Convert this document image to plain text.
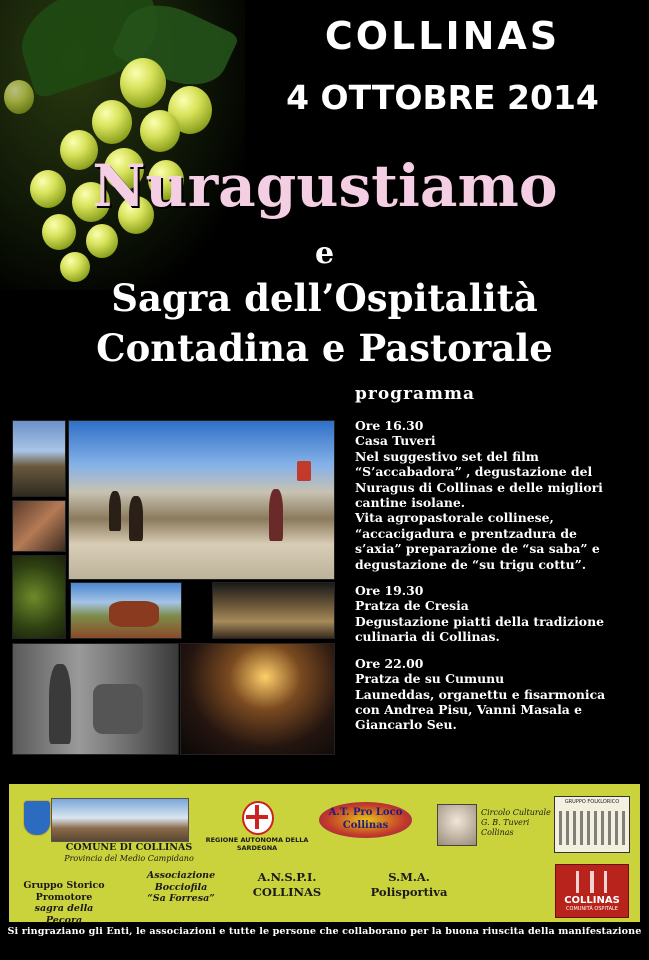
COLLINAS
4 OTTOBRE 2014
Nuragustiamo
e
Sagra dell’Ospitalità
Contadina e Pastorale
programma
Ore 16.30
Casa Tuveri
Nel suggestivo set del film
“S’accabadora” , degustazione del
Nuragus di Collinas e delle migliori
cantine isolane.
Vita agropastorale collinese,
“accacigadura e prentzadura de
s’axia” preparazione de “sa saba” e
degustazione de “su trigu cottu”.
Ore 19.30
Pratza de Cresia
Degustazione piatti della tradizione
culinaria di Collinas.
Ore 22.00
Pratza de su Cumunu
Launeddas, organettu e fisarmonica
con Andrea Pisu, Vanni Masala e
Giancarlo Seu.
COMUNE DI COLLINAS
Provincia del Medio Campidano
REGIONE AUTONOMA DELLA SARDEGNA
A.T. Pro Loco
Collinas
Circolo Culturale
G. B. Tuveri
Collinas
GRUPPO FOLKLORICO
Gruppo Storico
Promotore
sagra della Pecora
Associazione
Bocciofila
“Sa Forresa”
A.N.S.P.I.
COLLINAS
S.M.A.
Polisportiva
COLLINAS
COMUNITÀ OSPITALE
Si ringraziano gli Enti, le associazioni e tutte le persone che collaborano per la buona riuscita della manifestazione
